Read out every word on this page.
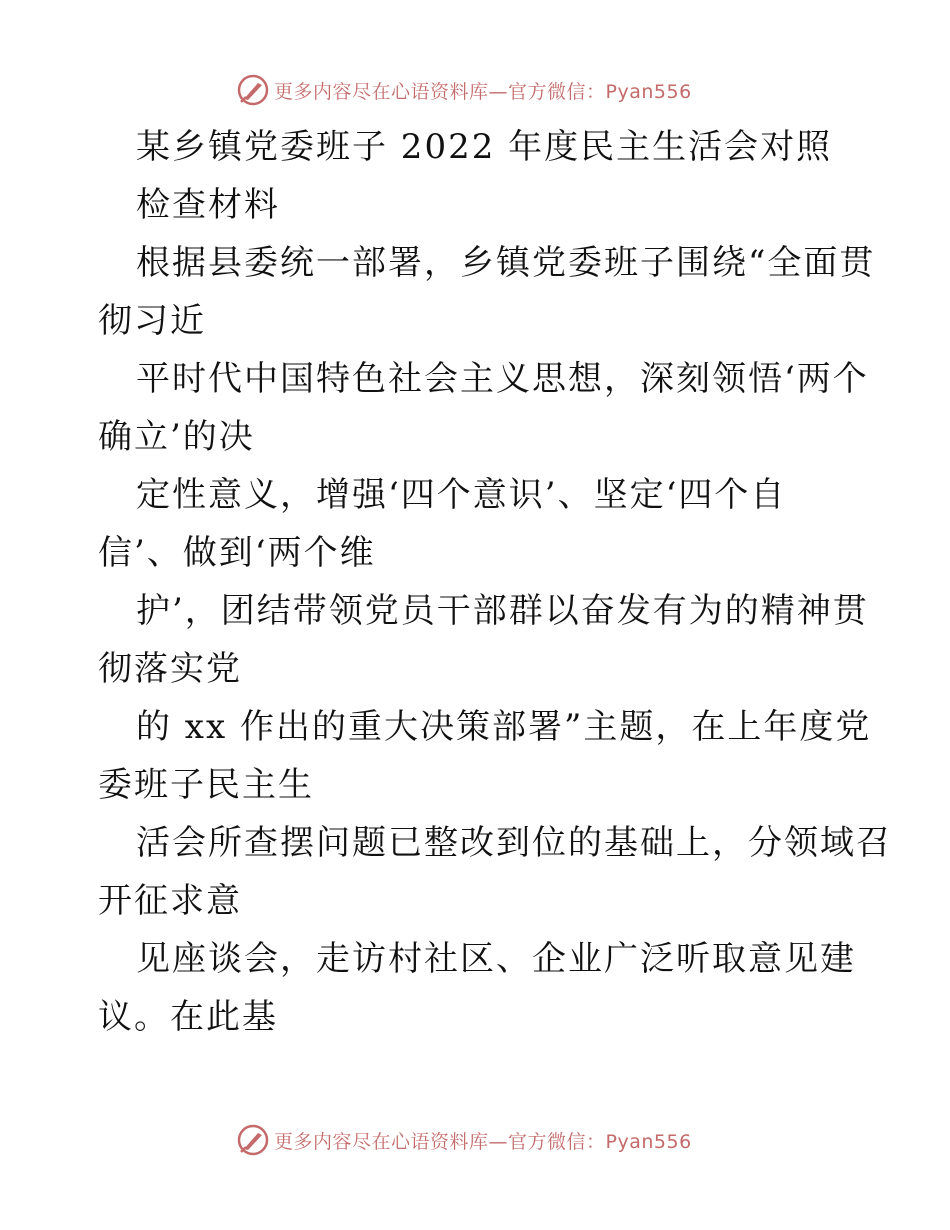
更多内容尽在心语资料库—官方微信：Pyan556
某乡镇党委班子 2022 年度民主生活会对照
检查材料
根据县委统一部署，乡镇党委班子围绕“全面贯
彻习近
平时代中国特色社会主义思想，深刻领悟‘两个
确立’的决
定性意义，增强‘四个意识’、坚定‘四个自
信’、做到‘两个维
护’，团结带领党员干部群以奋发有为的精神贯
彻落实党
的 xx 作出的重大决策部署”主题，在上年度党
委班子民主生
活会所查摆问题已整改到位的基础上，分领域召
开征求意
见座谈会，走访村社区、企业广泛听取意见建
议。在此基
更多内容尽在心语资料库—官方微信：Pyan556
